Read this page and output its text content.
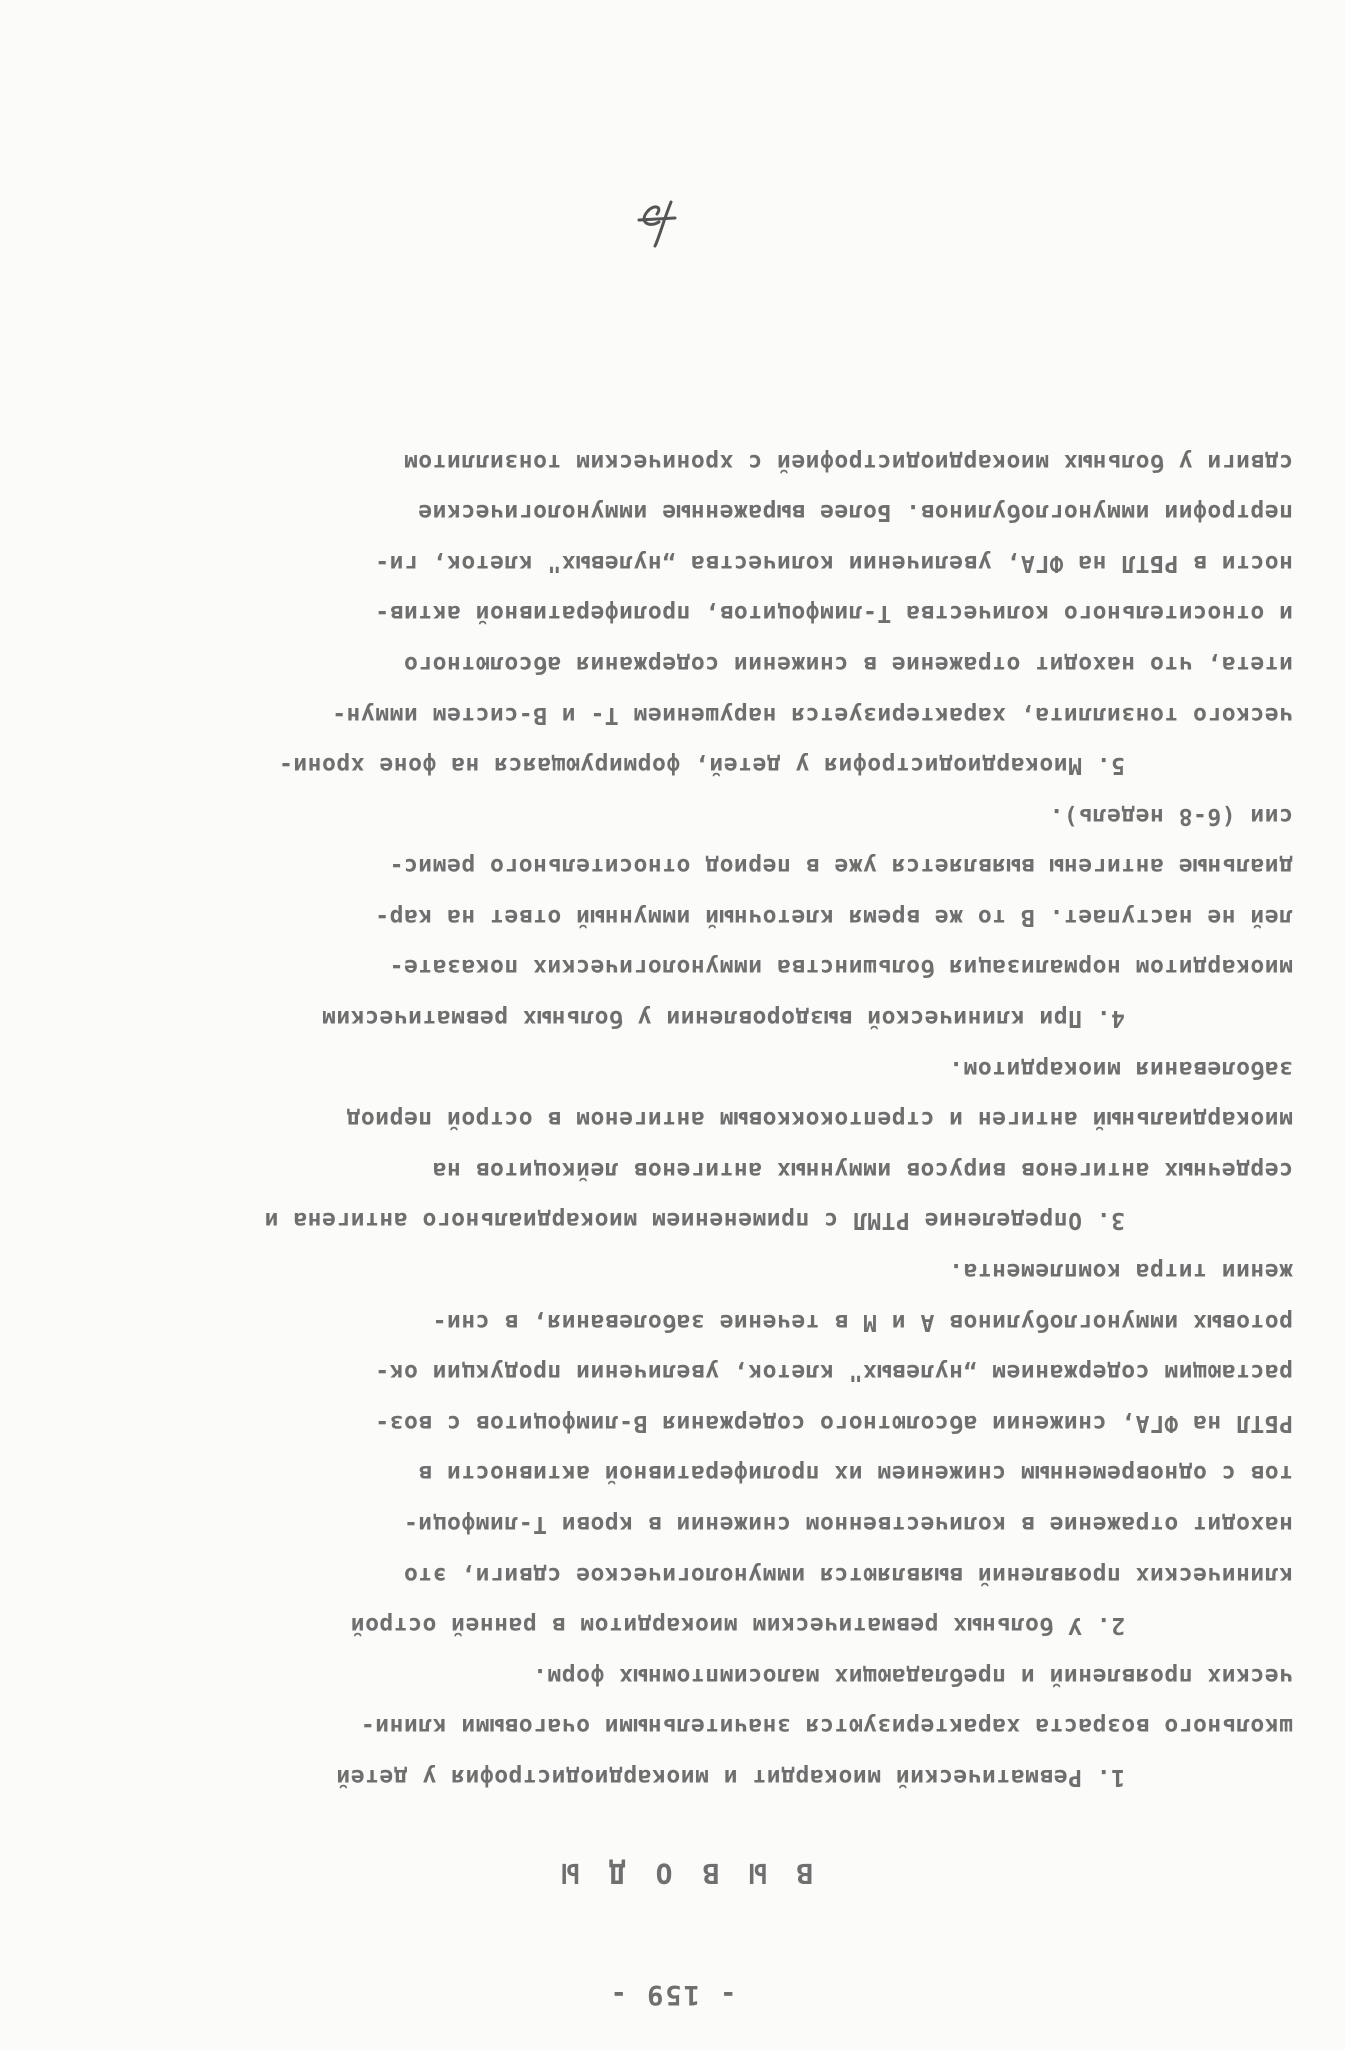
- 159 -
ВЫВОДЫ
1. Ревматический миокардит и миокардиодистрофия у детей
школьного возраста характеризуются значительными очаговыми клини-
ческих проявлений и пребладающих малосимптомных форм.
2. У больных ревматическим миокардитом в ранней острой
клинических проявлений выявляются иммунологическое сдвиги, это
находит отражение в количественном снижении в крови Т-лимфоци-
тов с одновременным снижением их пролиферативной активности в
РБТЛ на ФГА, снижении абсолютного содержания В-лимфоцитов с воз-
растающим содержанием „нулевых" клеток, увеличении продукции ок-
ротовых иммуноглобулинов А и М в течение заболевания, в сни-
жении титра комплемента.
3. Определение РТМЛ с применением миокардиального антигена и
сердечных антигенов вирусов иммунных антигенов лейкоцитов на
миокардиальный антиген и стрептококковым антигеном в острой период
заболевания миокардитом.
4. При клинической выздоровлении у больных ревматическим
миокардитом нормализация большинства иммунологических показате-
лей не наступает. В то же время клеточный иммунный ответ на кар-
диальные антигены выявляется уже в период относительного ремис-
сии (6-8 недель).
5. Миокардиодистрофия у детей, формирующаяся на фоне хрони-
ческого тонзиллита, характеризуется нарушением Т- и В-систем иммун-
итета, что находит отражение в снижении содержания абсолютного
и относительного количества Т-лимфоцитов, пролиферативной актив-
ности в РБТЛ на ФГА, увеличении количества „нулевых" клеток, ги-
пертрофии иммуноглобулинов. Более выраженные иммунологические
сдвиги у больных миокардиодистрофией с хроническим тонзиллитом
